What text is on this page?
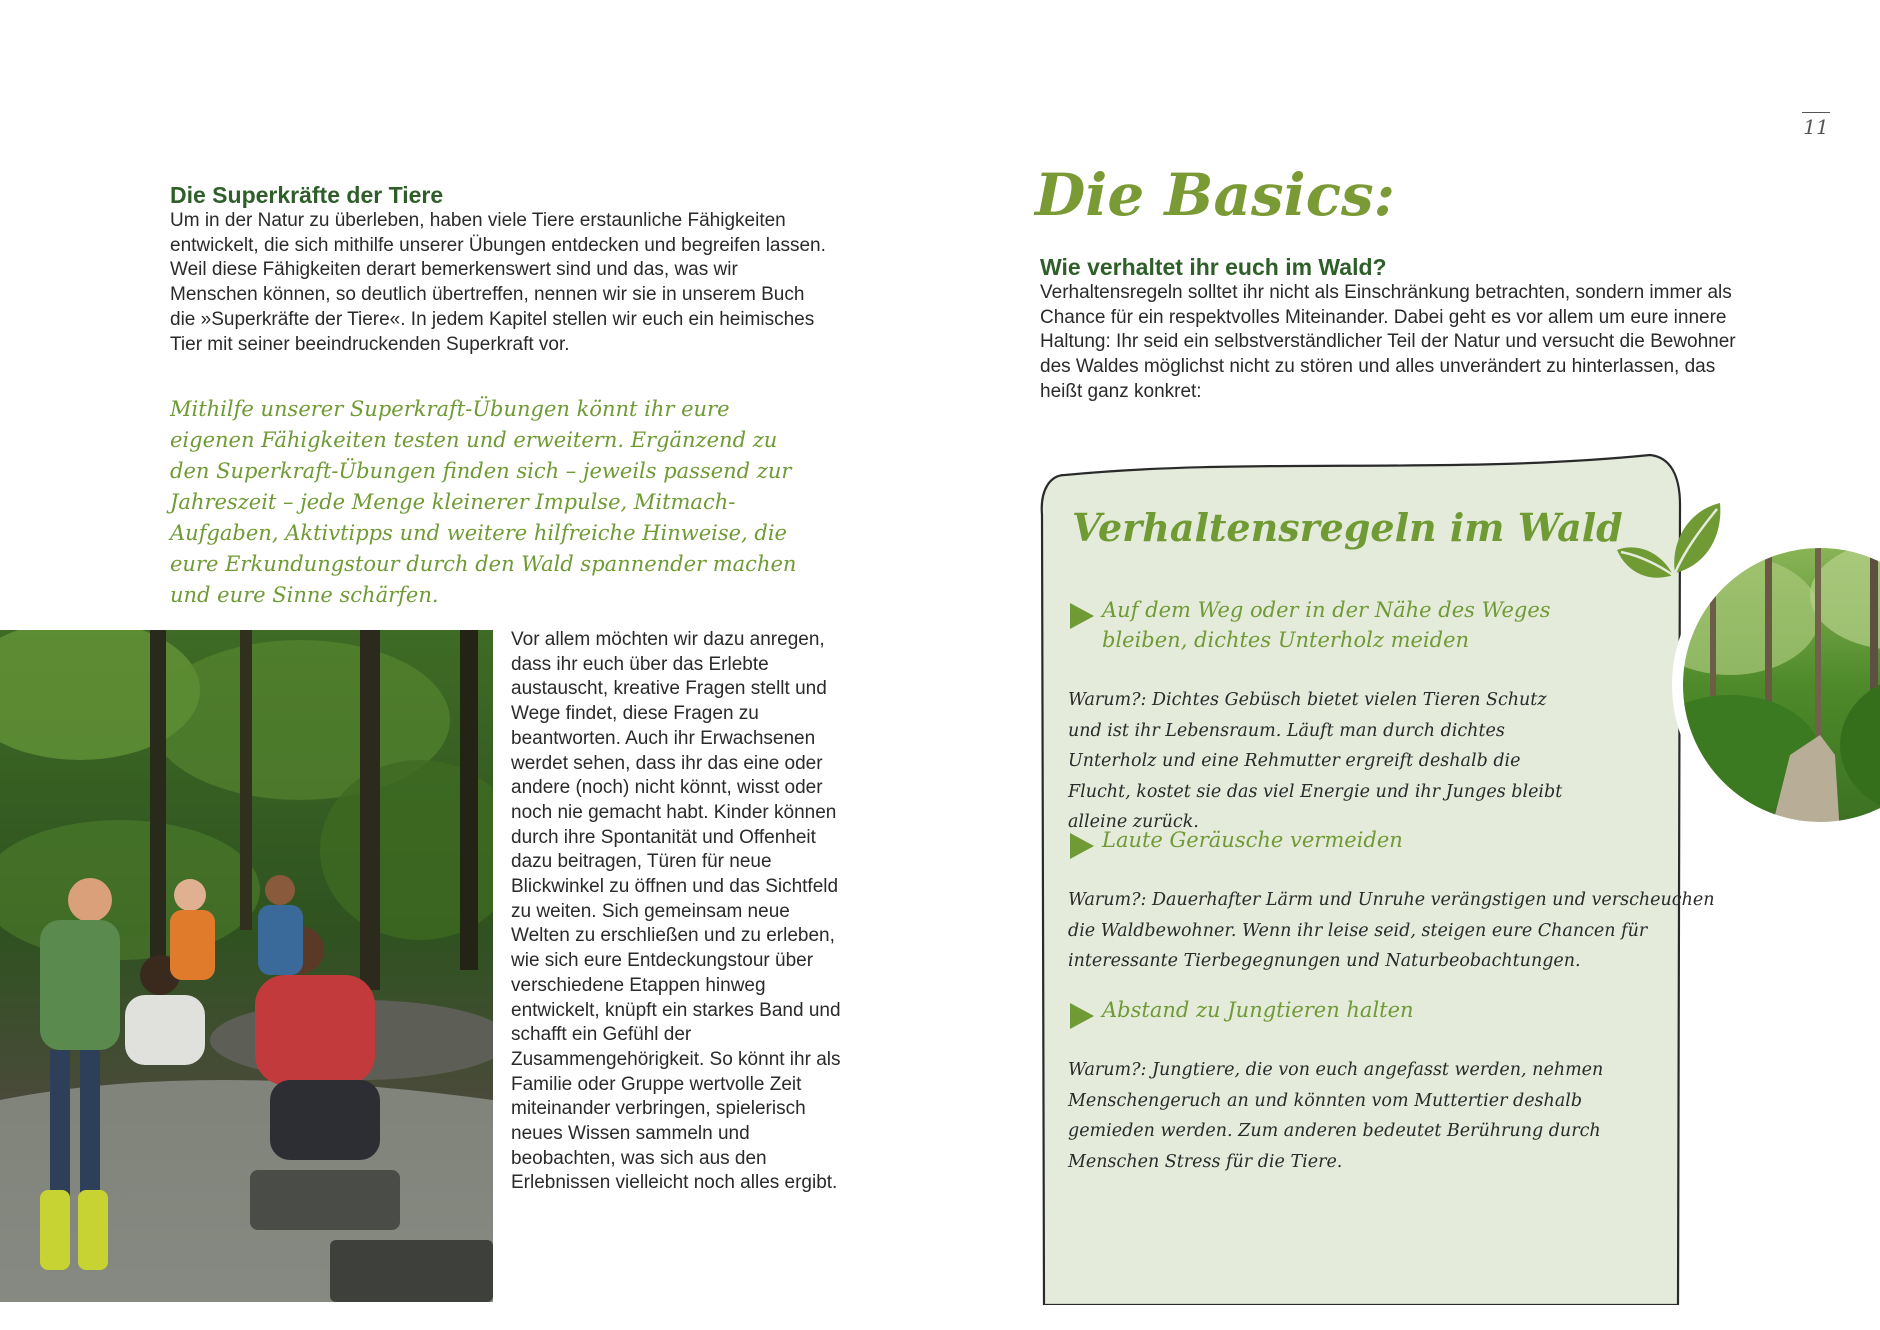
Die Superkräfte der Tiere

Um in der Natur zu überleben, haben viele Tiere erstaunliche Fähigkeiten entwickelt, die sich mithilfe unserer Übungen entdecken und begreifen lassen. Weil diese Fähigkeiten derart bemerkenswert sind und das, was wir Menschen können, so deutlich übertreffen, nennen wir sie in unserem Buch die »Superkräfte der Tiere«. In jedem Kapitel stellen wir euch ein heimisches Tier mit seiner beeindruckenden Superkraft vor.

Mithilfe unserer Superkraft-Übungen könnt ihr eure eigenen Fähigkeiten testen und erweitern. Ergänzend zu den Superkraft-Übungen finden sich – jeweils passend zur Jahreszeit – jede Menge kleinerer Impulse, Mitmach-Aufgaben, Aktivtipps und weitere hilfreiche Hinweise, die eure Erkundungstour durch den Wald spannender machen und eure Sinne schärfen.

Vor allem möchten wir dazu anregen, dass ihr euch über das Erlebte austauscht, kreative Fragen stellt und Wege findet, diese Fragen zu beantworten. Auch ihr Erwachsenen werdet sehen, dass ihr das eine oder andere (noch) nicht könnt, wisst oder noch nie gemacht habt. Kinder können durch ihre Spontanität und Offenheit dazu beitragen, Türen für neue Blickwinkel zu öffnen und das Sichtfeld zu weiten. Sich gemeinsam neue Welten zu erschließen und zu erleben, wie sich eure Entdeckungstour über verschiedene Etappen hinweg entwickelt, knüpft ein starkes Band und schafft ein Gefühl der Zusammengehörigkeit. So könnt ihr als Familie oder Gruppe wertvolle Zeit miteinander verbringen, spielerisch neues Wissen sammeln und beobachten, was sich aus den Erlebnissen vielleicht noch alles ergibt.

11
Die Basics:
Wie verhaltet ihr euch im Wald?

Verhaltensregeln solltet ihr nicht als Einschränkung betrachten, sondern immer als Chance für ein respektvolles Miteinander. Dabei geht es vor allem um eure innere Haltung: Ihr seid ein selbstverständlicher Teil der Natur und versucht die Bewohner des Waldes möglichst nicht zu stören und alles unverändert zu hinterlassen, das heißt ganz konkret:

Verhaltensregeln im Wald
Auf dem Weg oder in der Nähe des Weges bleiben, dichtes Unterholz meiden

Warum?: Dichtes Gebüsch bietet vielen Tieren Schutz und ist ihr Lebensraum. Läuft man durch dichtes Unterholz und eine Rehmutter ergreift deshalb die Flucht, kostet sie das viel Energie und ihr Junges bleibt alleine zurück.

Laute Geräusche vermeiden

Warum?: Dauerhafter Lärm und Unruhe verängstigen und verscheuchen die Waldbewohner. Wenn ihr leise seid, steigen eure Chancen für interessante Tierbegegnungen und Naturbeobachtungen.

Abstand zu Jungtieren halten

Warum?: Jungtiere, die von euch angefasst werden, nehmen Menschengeruch an und könnten vom Muttertier deshalb gemieden werden. Zum anderen bedeutet Berührung durch Menschen Stress für die Tiere.
